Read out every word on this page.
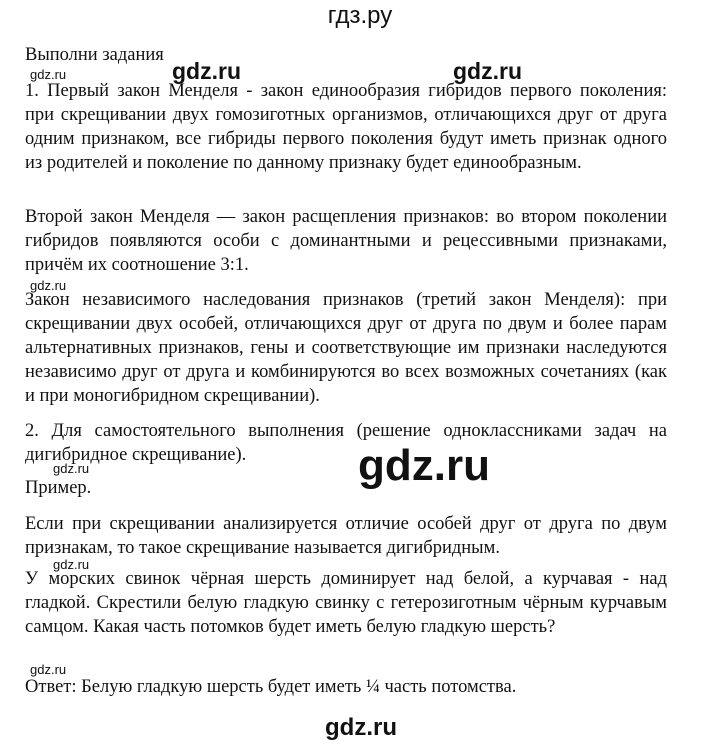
гдз.ру
Выполни задания
gdz.ru	gdz.ru	gdz.ru
1. Первый закон Менделя - закон единообразия гибридов первого поколения: при скрещивании двух гомозиготных организмов, отличающихся друг от друга одним признаком, все гибриды первого поколения будут иметь признак одного из родителей и поколение по данному признаку будет единообразным.
Второй закон Менделя — закон расщепления признаков: во втором поколении гибридов появляются особи с доминантными и рецессивными признаками, причём их соотношение 3:1.
gdz.ru
Закон независимого наследования признаков (третий закон Менделя): при скрещивании двух особей, отличающихся друг от друга по двум и более парам альтернативных признаков, гены и соответствующие им признаки наследуются независимо друг от друга и комбинируются во всех возможных сочетаниях (как и при моногибридном скрещивании).
2. Для самостоятельного выполнения (решение одноклассниками задач на дигибридное скрещивание).
gdz.ru	gdz.ru
Пример.
Если при скрещивании анализируется отличие особей друг от друга по двум признакам, то такое скрещивание называется дигибридным.
gdz.ru
У морских свинок чёрная шерсть доминирует над белой, а курчавая - над гладкой. Скрестили белую гладкую свинку с гетерозиготным чёрным курчавым самцом. Какая часть потомков будет иметь белую гладкую шерсть?
gdz.ru
Ответ: Белую гладкую шерсть будет иметь ¼ часть потомства.
gdz.ru
